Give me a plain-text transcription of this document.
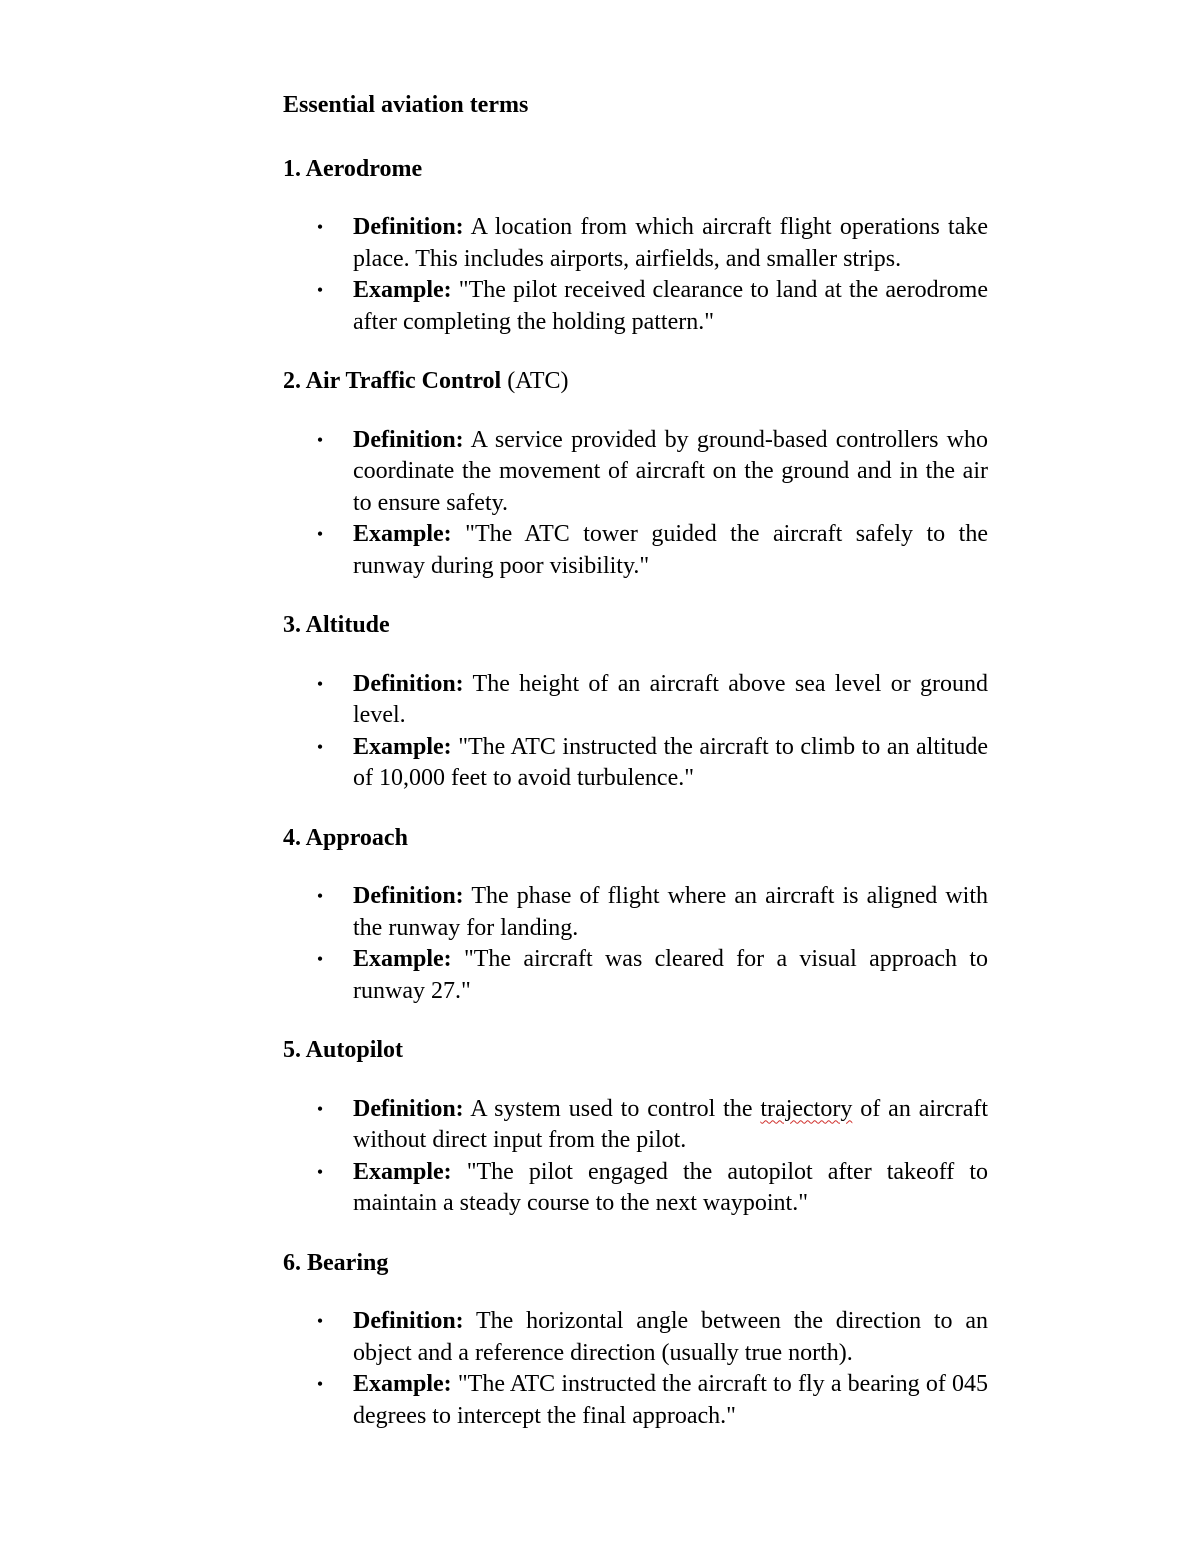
Essential aviation terms

1. Aerodrome

• Definition: A location from which aircraft flight operations take place. This includes airports, airfields, and smaller strips.
• Example: "The pilot received clearance to land at the aerodrome after completing the holding pattern."

2. Air Traffic Control (ATC)

• Definition: A service provided by ground-based controllers who coordinate the movement of aircraft on the ground and in the air to ensure safety.
• Example: "The ATC tower guided the aircraft safely to the runway during poor visibility."

3. Altitude

• Definition: The height of an aircraft above sea level or ground level.
• Example: "The ATC instructed the aircraft to climb to an altitude of 10,000 feet to avoid turbulence."

4. Approach

• Definition: The phase of flight where an aircraft is aligned with the runway for landing.
• Example: "The aircraft was cleared for a visual approach to runway 27."

5. Autopilot

• Definition: A system used to control the trajectory of an aircraft without direct input from the pilot.
• Example: "The pilot engaged the autopilot after takeoff to maintain a steady course to the next waypoint."

6. Bearing

• Definition: The horizontal angle between the direction to an object and a reference direction (usually true north).
• Example: "The ATC instructed the aircraft to fly a bearing of 045 degrees to intercept the final approach."
